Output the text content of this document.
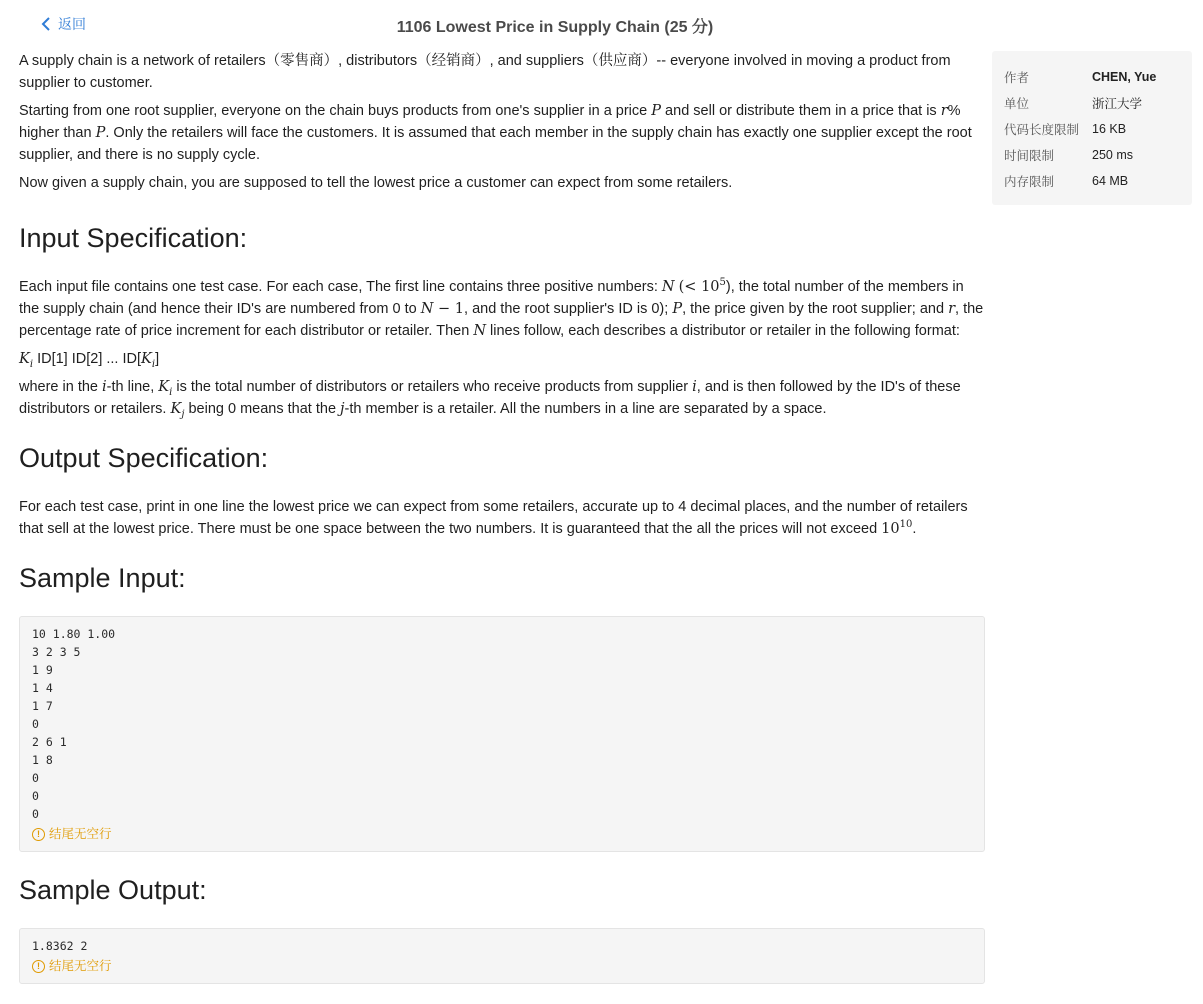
返回	1106 Lowest Price in Supply Chain (25 分)

A supply chain is a network of retailers（零售商）, distributors（经销商）, and suppliers（供应商）-- everyone involved in moving a product from supplier to customer.

Starting from one root supplier, everyone on the chain buys products from one's supplier in a price P and sell or distribute them in a price that is r% higher than P. Only the retailers will face the customers. It is assumed that each member in the supply chain has exactly one supplier except the root supplier, and there is no supply cycle.

Now given a supply chain, you are supposed to tell the lowest price a customer can expect from some retailers.

Input Specification:

Each input file contains one test case. For each case, The first line contains three positive numbers: N (< $10^5$), the total number of the members in the supply chain (and hence their ID's are numbered from 0 to N − 1, and the root supplier's ID is 0); P, the price given by the root supplier; and r, the percentage rate of price increment for each distributor or retailer. Then N lines follow, each describes a distributor or retailer in the following format:

$K_i$ ID[1] ID[2] ... $ID[K_i]$

where in the i-th line, $K_i$ is the total number of distributors or retailers who receive products from supplier i, and is then followed by the ID's of these distributors or retailers. $K_j$ being 0 means that the j-th member is a retailer. All the numbers in a line are separated by a space.

Output Specification:

For each test case, print in one line the lowest price we can expect from some retailers, accurate up to 4 decimal places, and the number of retailers that sell at the lowest price. There must be one space between the two numbers. It is guaranteed that the all the prices will not exceed $10^{10}$.

Sample Input:
10 1.80 1.00
3 2 3 5
1 9
1 4
1 7
0
2 6 1
1 8
0
0
0
! 结尾无空行
Sample Output:
1.8362 2
! 结尾无空行
作者	CHEN, Yue
单位	浙江大学
代码长度限制	16 KB
时间限制	250 ms
内存限制	64 MB
